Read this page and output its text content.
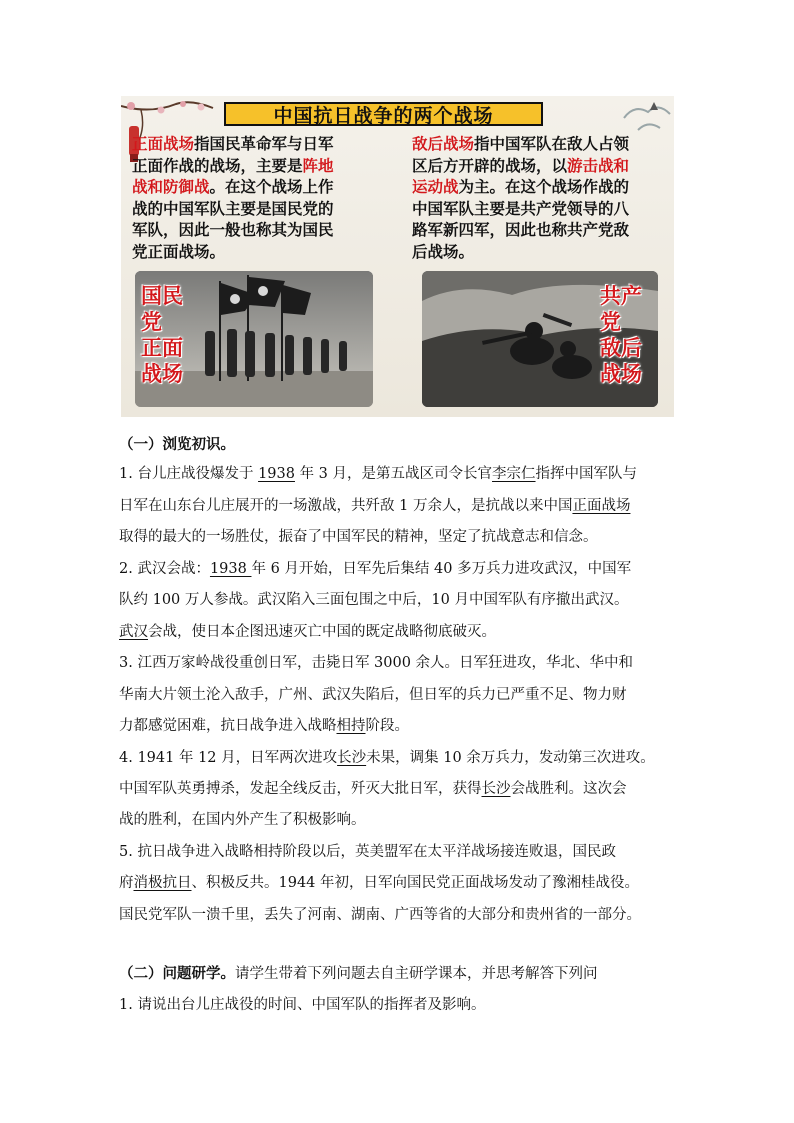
中国抗日战争的两个战场
正面战场指国民革命军与日军
正面作战的战场，主要是阵地
战和防御战。在这个战场上作
战的中国军队主要是国民党的
军队，因此一般也称其为国民
党正面战场。
敌后战场指中国军队在敌人占领
区后方开辟的战场，以游击战和
运动战为主。在这个战场作战的
中国军队主要是共产党领导的八
路军新四军，因此也称共产党敌
后战场。
国民
党
正面
战场
共产
党
敌后
战场
（一）浏览初识。
1. 台儿庄战役爆发于 1938 年 3 月，是第五战区司令长官李宗仁指挥中国军队与
日军在山东台儿庄展开的一场激战，共歼敌 1 万余人，是抗战以来中国正面战场
取得的最大的一场胜仗，振奋了中国军民的精神，坚定了抗战意志和信念。
2. 武汉会战：1938 年 6 月开始，日军先后集结 40 多万兵力进攻武汉，中国军
队约 100 万人参战。武汉陷入三面包围之中后，10 月中国军队有序撤出武汉。
武汉会战，使日本企图迅速灭亡中国的既定战略彻底破灭。
3. 江西万家岭战役重创日军，击毙日军 3000 余人。日军狂进攻，华北、华中和
华南大片领土沦入敌手，广州、武汉失陷后，但日军的兵力已严重不足、物力财
力都感觉困难，抗日战争进入战略相持阶段。
4. 1941 年 12 月，日军两次进攻长沙未果，调集 10 余万兵力，发动第三次进攻。
中国军队英勇搏杀，发起全线反击，歼灭大批日军，获得长沙会战胜利。这次会
战的胜利，在国内外产生了积极影响。
5. 抗日战争进入战略相持阶段以后，英美盟军在太平洋战场接连败退，国民政
府消极抗日、积极反共。1944 年初，日军向国民党正面战场发动了豫湘桂战役。
国民党军队一溃千里，丢失了河南、湖南、广西等省的大部分和贵州省的一部分。
（二）问题研学。请学生带着下列问题去自主研学课本，并思考解答下列问
1. 请说出台儿庄战役的时间、中国军队的指挥者及影响。
